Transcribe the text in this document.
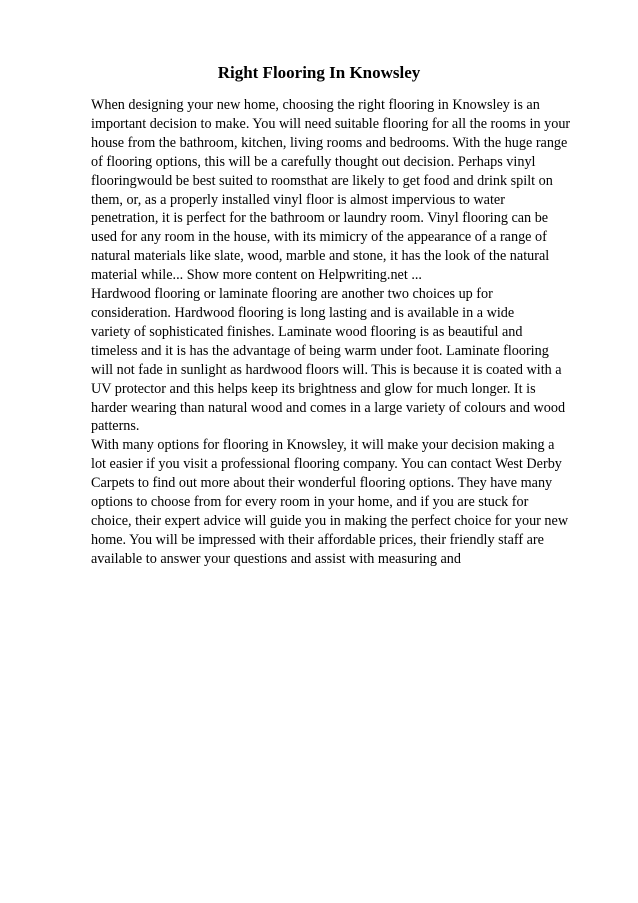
Right Flooring In Knowsley
When designing your new home, choosing the right flooring in Knowsley is an
important decision to make. You will need suitable flooring for all the rooms in your
house from the bathroom, kitchen, living rooms and bedrooms. With the huge range
of flooring options, this will be a carefully thought out decision. Perhaps vinyl
flooringwould be best suited to roomsthat are likely to get food and drink spilt on
them, or, as a properly installed vinyl floor is almost impervious to water
penetration, it is perfect for the bathroom or laundry room. Vinyl flooring can be
used for any room in the house, with its mimicry of the appearance of a range of
natural materials like slate, wood, marble and stone, it has the look of the natural
material while... Show more content on Helpwriting.net ...
Hardwood flooring or laminate flooring are another two choices up for
consideration. Hardwood flooring is long lasting and is available in a wide
variety of sophisticated finishes. Laminate wood flooring is as beautiful and
timeless and it is has the advantage of being warm under foot. Laminate flooring
will not fade in sunlight as hardwood floors will. This is because it is coated with a
UV protector and this helps keep its brightness and glow for much longer. It is
harder wearing than natural wood and comes in a large variety of colours and wood
patterns.
With many options for flooring in Knowsley, it will make your decision making a
lot easier if you visit a professional flooring company. You can contact West Derby
Carpets to find out more about their wonderful flooring options. They have many
options to choose from for every room in your home, and if you are stuck for
choice, their expert advice will guide you in making the perfect choice for your new
home. You will be impressed with their affordable prices, their friendly staff are
available to answer your questions and assist with measuring and
